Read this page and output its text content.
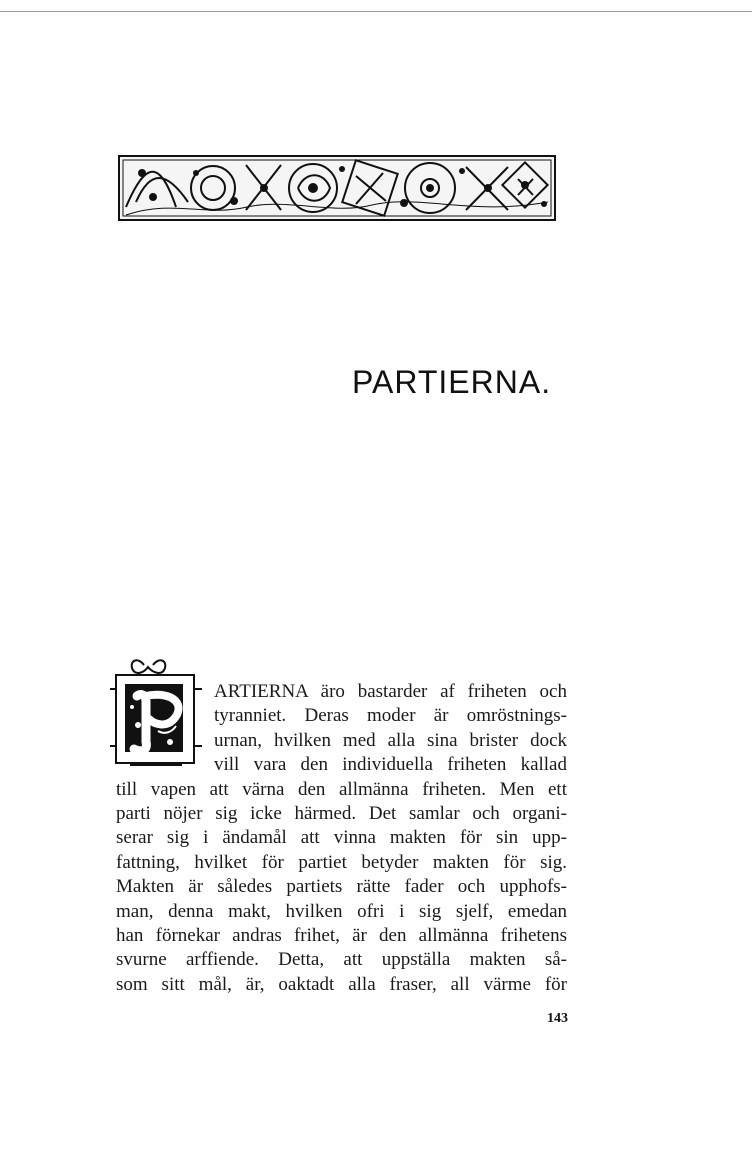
PARTIERNA.
P
ARTIERNA äro bastarder af friheten och
tyranniet. Deras moder är omröstnings-
urnan, hvilken med alla sina brister dock
vill vara den individuella friheten kallad
till vapen att värna den allmänna friheten. Men ett
parti nöjer sig icke härmed. Det samlar och organi-
serar sig i ändamål att vinna makten för sin upp-
fattning, hvilket för partiet betyder makten för sig.
Makten är således partiets rätte fader och upphofs-
man, denna makt, hvilken ofri i sig sjelf, emedan
han förnekar andras frihet, är den allmänna frihetens
svurne arffiende. Detta, att uppställa makten så-
som sitt mål, är, oaktadt alla fraser, all värme för
143
